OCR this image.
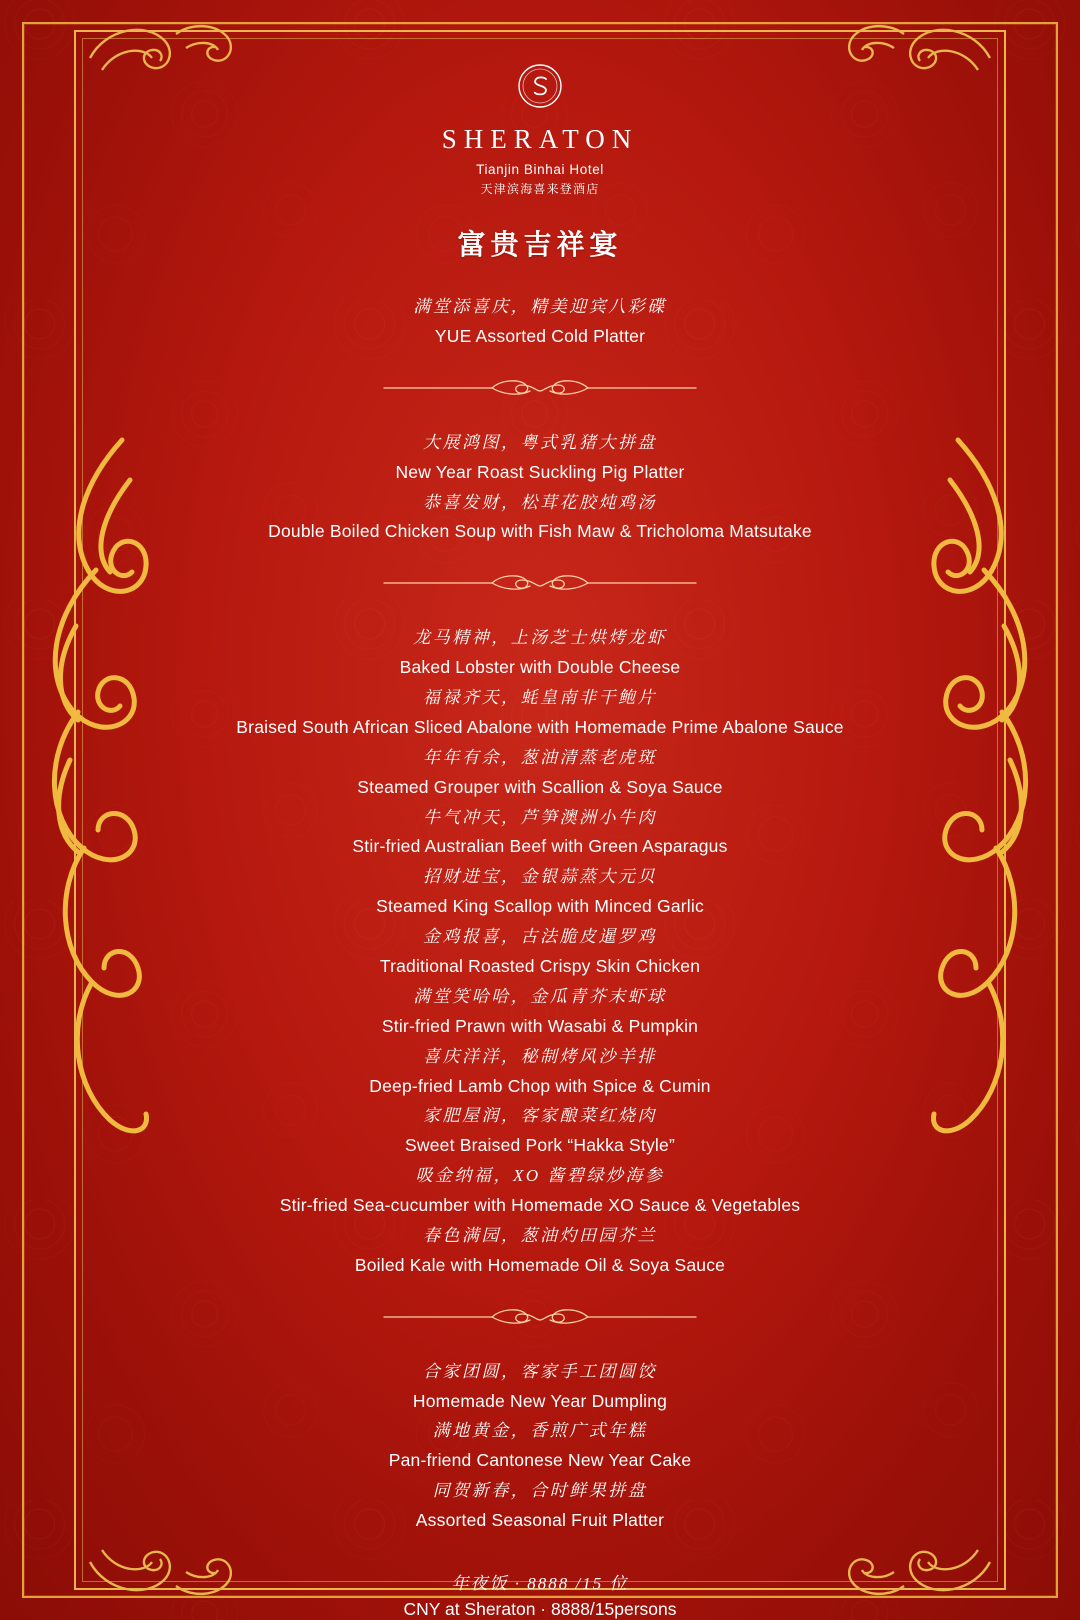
SHERATON
Tianjin Binhai Hotel
天津滨海喜来登酒店
富贵吉祥宴
满堂添喜庆，精美迎宾八彩碟
YUE Assorted Cold Platter
大展鸿图，粤式乳猪大拼盘
New Year Roast Suckling Pig Platter
恭喜发财，松茸花胶炖鸡汤
Double Boiled Chicken Soup with Fish Maw & Tricholoma Matsutake
龙马精神，上汤芝士烘烤龙虾
Baked Lobster with Double Cheese
福禄齐天，蚝皇南非干鲍片
Braised South African Sliced Abalone with Homemade Prime Abalone Sauce
年年有余，葱油清蒸老虎斑
Steamed Grouper with Scallion & Soya Sauce
牛气冲天，芦笋澳洲小牛肉
Stir-fried Australian Beef with Green Asparagus
招财进宝，金银蒜蒸大元贝
Steamed King Scallop with Minced Garlic
金鸡报喜，古法脆皮暹罗鸡
Traditional Roasted Crispy Skin Chicken
满堂笑哈哈，金瓜青芥末虾球
Stir-fried Prawn with Wasabi & Pumpkin
喜庆洋洋，秘制烤风沙羊排
Deep-fried Lamb Chop with Spice & Cumin
家肥屋润，客家酿菜红烧肉
Sweet Braised Pork “Hakka Style”
吸金纳福，XO 酱碧绿炒海参
Stir-fried Sea-cucumber with Homemade XO Sauce & Vegetables
春色满园，葱油灼田园芥兰
Boiled Kale with Homemade Oil & Soya Sauce
合家团圆，客家手工团圆饺
Homemade New Year Dumpling
满地黄金，香煎广式年糕
Pan-friend Cantonese New Year Cake
同贺新春，合时鲜果拼盘
Assorted Seasonal Fruit Platter
年夜饭 · 8888 /15 位
CNY at Sheraton · 8888/15persons
